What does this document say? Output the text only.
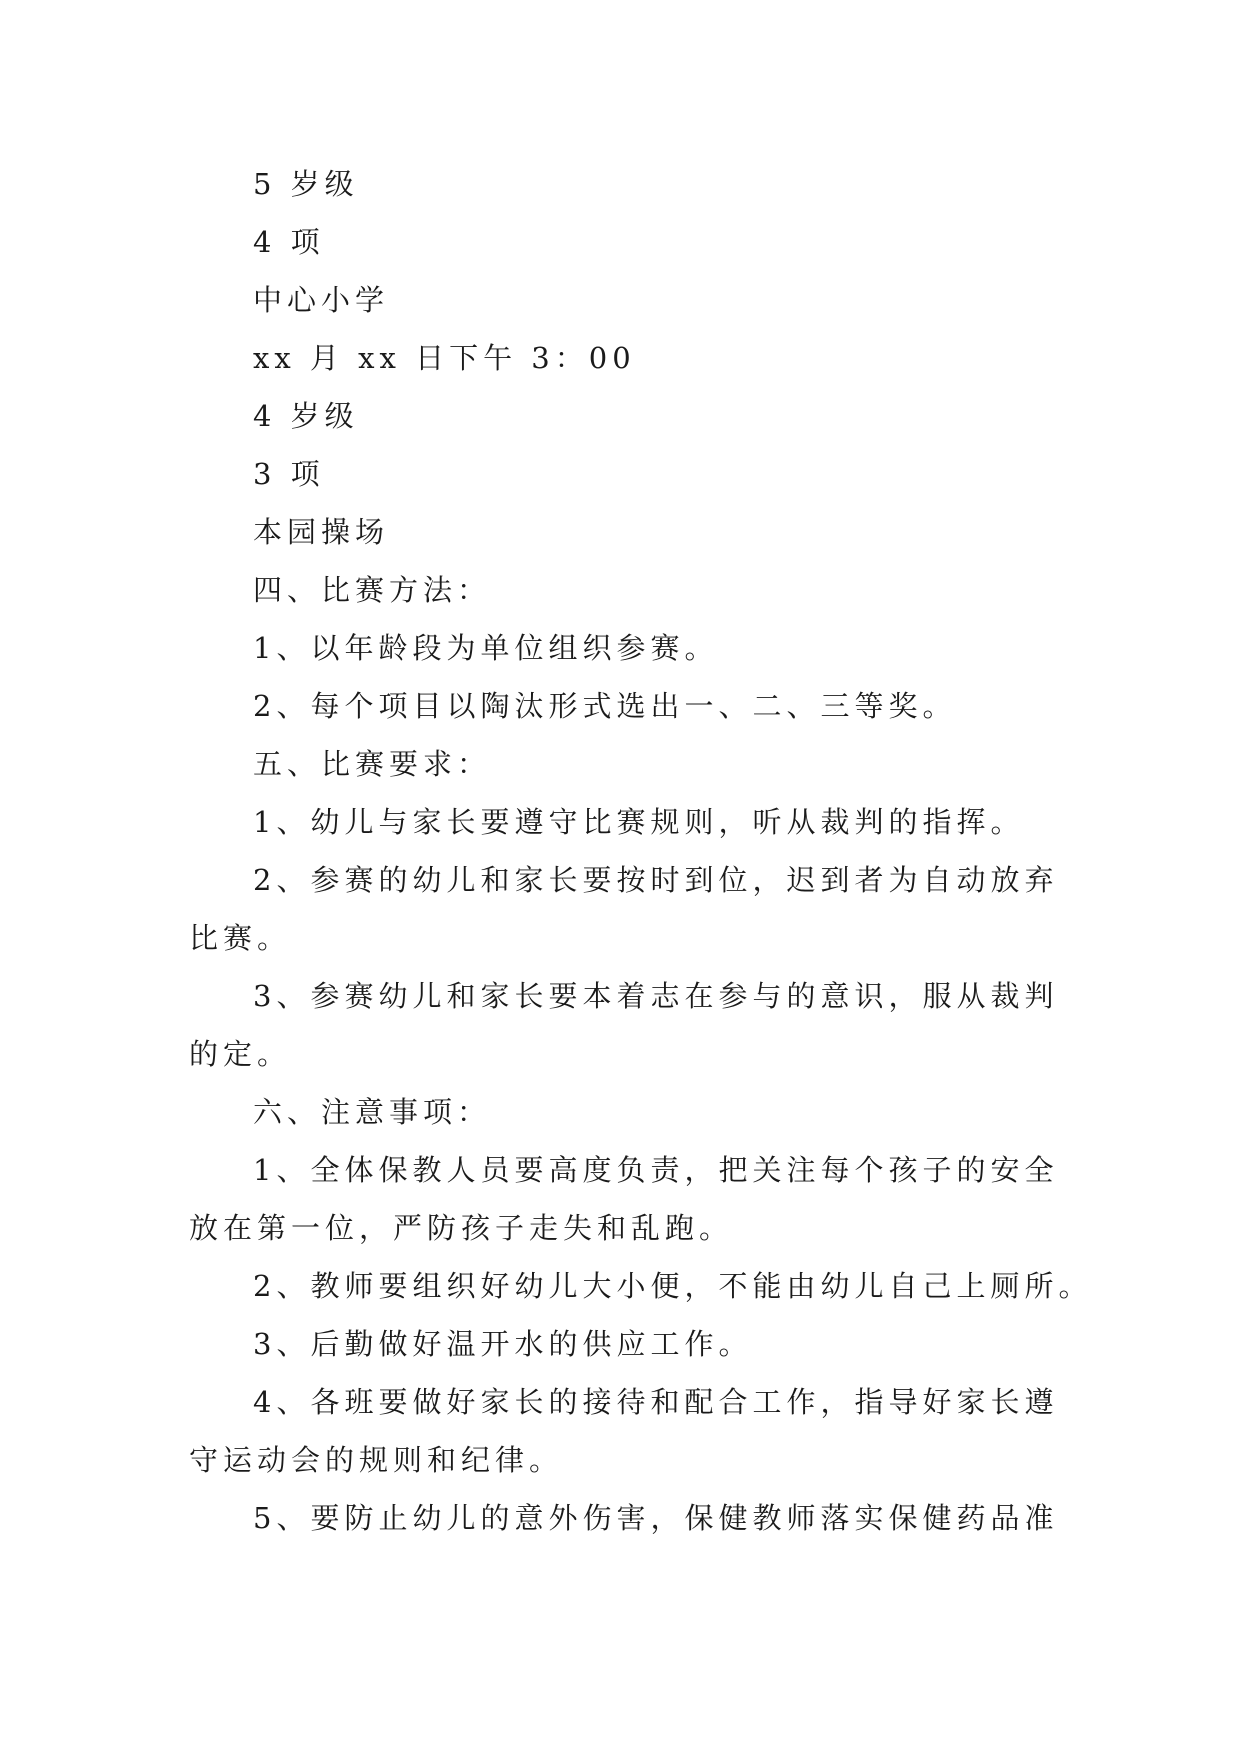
5 岁级

4 项

中心小学

xx 月 xx 日下午 3：00

4 岁级

3 项

本园操场

四、比赛方法：

1、以年龄段为单位组织参赛。

2、每个项目以陶汰形式选出一、二、三等奖。

五、比赛要求：

1、幼儿与家长要遵守比赛规则，听从裁判的指挥。

2、参赛的幼儿和家长要按时到位，迟到者为自动放弃

比赛。

3、参赛幼儿和家长要本着志在参与的意识，服从裁判

的定。

六、注意事项：

1、全体保教人员要高度负责，把关注每个孩子的安全

放在第一位，严防孩子走失和乱跑。

2、教师要组织好幼儿大小便，不能由幼儿自己上厕所。

3、后勤做好温开水的供应工作。

4、各班要做好家长的接待和配合工作，指导好家长遵

守运动会的规则和纪律。

5、要防止幼儿的意外伤害，保健教师落实保健药品准
